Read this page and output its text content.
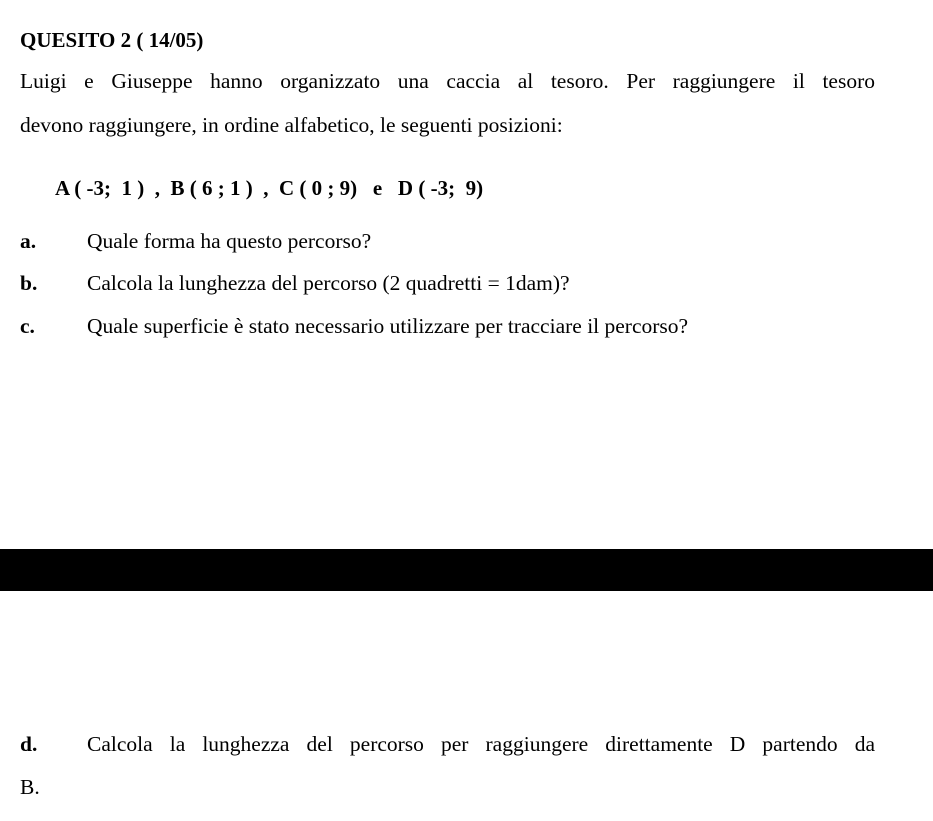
QUESITO 2 ( 14/05)
Luigi e Giuseppe hanno organizzato una caccia al tesoro. Per raggiungere il tesoro
devono raggiungere, in ordine alfabetico, le seguenti posizioni:
A ( -3;  1 )  ,  B ( 6 ; 1 )  ,  C ( 0 ; 9)   e   D ( -3;  9)
a. Quale forma ha questo percorso?
b. Calcola la lunghezza del percorso (2 quadretti = 1dam)?
c. Quale superficie è stato necessario utilizzare per tracciare il percorso?
d. Calcola la lunghezza del percorso per raggiungere direttamente D partendo da
B.
